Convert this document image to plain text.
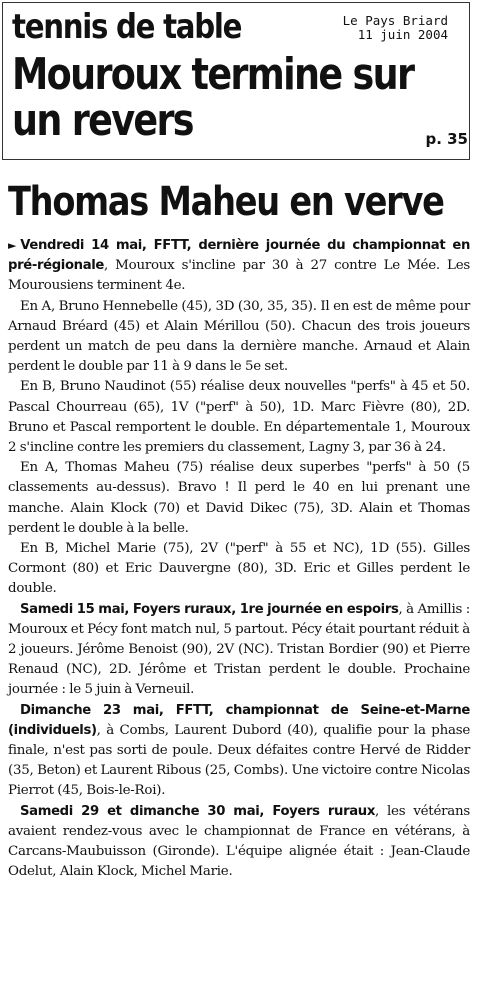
tennis de table	Le Pays Briard
11 juin 2004
Mouroux termine sur un revers	p. 35
Thomas Maheu en verve

► Vendredi 14 mai, FFTT, dernière journée du championnat en pré-régionale, Mouroux s'incline par 30 à 27 contre Le Mée. Les Mourousiens terminent 4e.

En A, Bruno Hennebelle (45), 3D (30, 35, 35). Il en est de même pour Arnaud Bréard (45) et Alain Mérillou (50). Chacun des trois joueurs perdent un match de peu dans la dernière manche. Arnaud et Alain perdent le double par 11 à 9 dans le 5e set.

En B, Bruno Naudinot (55) réalise deux nouvelles "perfs" à 45 et 50. Pascal Chourreau (65), 1V ("perf" à 50), 1D. Marc Fièvre (80), 2D. Bruno et Pascal remportent le double. En départementale 1, Mouroux 2 s'incline contre les premiers du classement, Lagny 3, par 36 à 24.

En A, Thomas Maheu (75) réalise deux superbes "perfs" à 50 (5 classements au-dessus). Bravo ! Il perd le 40 en lui prenant une manche. Alain Klock (70) et David Dikec (75), 3D. Alain et Thomas perdent le double à la belle.

En B, Michel Marie (75), 2V ("perf" à 55 et NC), 1D (55). Gilles Cormont (80) et Eric Dauvergne (80), 3D. Eric et Gilles perdent le double.

Samedi 15 mai, Foyers ruraux, 1re journée en espoirs, à Amillis : Mouroux et Pécy font match nul, 5 partout. Pécy était pourtant réduit à 2 joueurs. Jérôme Benoist (90), 2V (NC). Tristan Bordier (90) et Pierre Renaud (NC), 2D. Jérôme et Tristan perdent le double. Prochaine journée : le 5 juin à Verneuil.

Dimanche 23 mai, FFTT, championnat de Seine-et-Marne (individuels), à Combs, Laurent Dubord (40), qualifie pour la phase finale, n'est pas sorti de poule. Deux défaites contre Hervé de Ridder (35, Beton) et Laurent Ribous (25, Combs). Une victoire contre Nicolas Pierrot (45, Bois-le-Roi).

Samedi 29 et dimanche 30 mai, Foyers ruraux, les vétérans avaient rendez-vous avec le championnat de France en vétérans, à Carcans-Maubuisson (Gironde). L'équipe alignée était : Jean-Claude Odelut, Alain Klock, Michel Marie.
